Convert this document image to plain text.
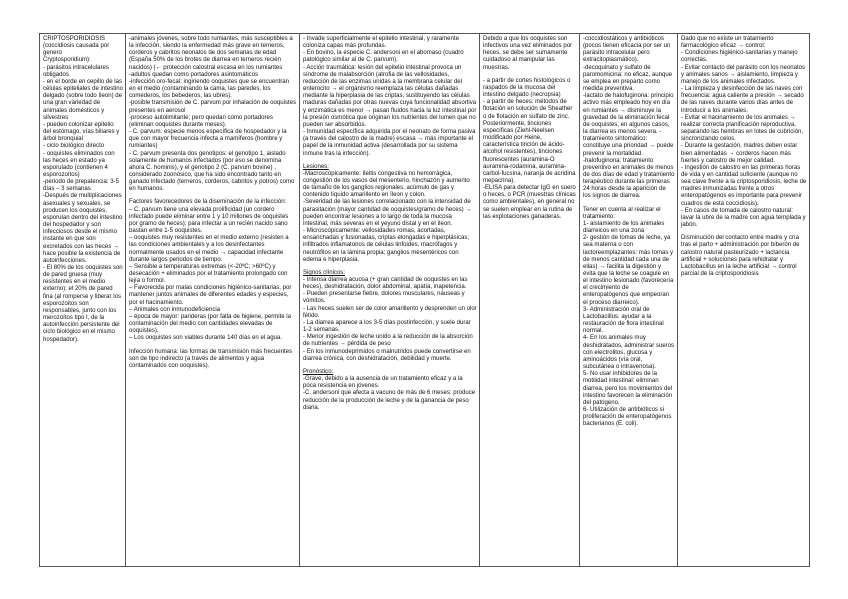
CRIPTOSPORIDIOSIS
(coccidiosis causada por genero
Cryptosporidium):
- parásitos intracelulares obligados
- en el borde en cepillo de las células epiteliales de intestino delgado (sobre todo íleon) de una gran variedad de animales domésticos y silvestres
- pueden colonizar epitelio del estómago, vías biliares y árbol bronquial
- ciclo biológico directo
- ooquistes eliminados con las heces en estado ya esporulado (contienen 4 esporozoítos)
-periodo de prepatencia: 3-5 días – 3 semanas
-Después de multiplicaciones asexuales y sexuales, se producen los ooquistes, esporulan dentro del intestino del hospedador y son infecciosos desde el mismo instante en que son excretados con las heces → hace posible la existencia de autoinfecciones.
- El 80% de los ooquistes son de pared gruesa (muy resistentes en el medio externo); el 20% de pared fina (al romperse y liberar los esporozoitos son responsables, junto con los merozoítos tipo I, de la autoinfección persistente del ciclo biológico en el mismo hospedador).

-animales jóvenes, sobre todo rumiantes, más susceptibles a la infección, siendo la enfermedad más grave en terneros, corderos y cabritos neonatos de dos semanas de edad (España 50% de los brotes de diarrea en terneros recién nacidos) (← protección calostral escasa en los rumiantes
-adultos quedan como portadores asintomáticos
-infección oro-fecal: ingiriendo ooquistes que se encuentran en el medio (contaminando la cama, las paredes, los comederos, los bebederos, las ubres).
-posible transmisión de C. parvum por inhalación de ooquistes presentes en aerosol
-proceso autolimitante; pero quedan como portadores (eliminan ooquistes durante meses).
- C. parvum: especie menos específica de hospedador y la que con mayor frecuencia infecta a mamíferos (hombre y rumiantes)
- C. parvum presenta dos genotipos: el genotipo 1, aislado solamente de humanos infectados (por eso se denomina ahora C. hominis), y el genotipo 2 (C. parvum bovine) , considerado zoonósico, que ha sido encontrado tanto en ganado infectado (terneros, corderos, cabritos y potros) como en humanos.
Factores favorecedores de la diseminación de la infección:
– C. parvum tiene una elevada prolificidad (un cordero infectado puede eliminar entre 1 y 10 millones de ooquistes por gramo de heces); para infectar a un recién nacido sano bastan entre 1-5 ooquistes.
– ooquistes muy resistentes en el medio externo (resisten a las condiciones ambientales y a los desinfectantes normalmente usados en el medio → capacidad infectante durante largos periodos de tiempo.
– Sensible a temperaturas extremas (<-20ºC; >60ºC) y desecación + eliminados por el tratamiento prolongado con lejía o formol.
– Favorecida por malas condiciones higiénico-sanitarias, por mantener juntos animales de diferentes edades y especies, por el hacinamiento.
– Animales con inmunodeficiencia
– época de mayor: parideras (por falta de higiene, permite la contaminación del medio con cantidades elevadas de ooquistes).
– Los ooquistes son viables durante 140 días en el agua.
Infección humana: las formas de transmisión más frecuentes son de tipo indirecto (a través de alimentos y agua contaminados con ooquistes).

- Invade superficialmente el epitelio intestinal, y raramente coloniza capas más profundas.
- En bovino, la especie C. andersoni en el abomaso (cuadro patológico similar al de C. parvum).
- Acción traumática: lesión del epitelio intestinal provoca un síndrome de malabsorción (atrofia de las vellosidades, reducción de las enzimas unidas a la membrana celular del enterocito → el organismo reemplaza las células dañadas mediante la hiperplasia de las criptas, sustituyendo las células maduras dañadas por otras nuevas cuya funcionalidad absortiva y enzimática es menor → pasan fluidos hacia la luz intestinal por la presión osmótica que originan los nutrientes del lumen que no pueden ser absorbidos.
- Inmunidad específica adquirida por el neonato de forma pasiva (a través del calostro de la madre) escasa → más importante el papel de la inmunidad activa (desarrollada por su sistema inmune tras la infección).
Lesiones:
-Macroscópicamente: íleitis congestiva no hemorrágica, congestión de los vasos del mesenterio, hinchazón y aumento de tamaño de los ganglios regionales, acúmulo de gas y contenido líquido amarillento en íleon y colon.
-Severidad de las lesiones correlacionado con la intensidad de parasitación (mayor cantidad de ooquistes/gramo de heces) → pueden encontrar lesiones a lo largo de toda la mucosa intestinal, más severas en el yeyuno distal y en el íleon.
- Microscópicamente: vellosidades romas, acortadas, ensanchadas y fusionadas, criptas elongadas e hiperplásicas; infiltrados inflamatorios de células linfoides, macrófagos y neutrófilos en la lámina propia; ganglios mesentéricos con edema e hiperplasia.
Signos clínicos:
- Intensa diarrea acuosa (+ gran cantidad de ooquistes en las heces), deshidratación, dolor abdominal, apatía, inapetencia.
- Pueden presentarse fiebre, dolores musculares, náuseas y vómitos.
- Las heces suelen ser de color amarillento y desprenden un olor fétido.
- La diarrea aparece a los 3-5 días postinfección, y suele durar 1-2 semanas.
- Menor ingestión de leche unido a la reducción de la absorción de nutrientes → pérdida de peso
- En los inmunodeprimidos o malnutridos puede convertirse en diarrea crónica, con deshidratación, debilidad y muerte.
Pronóstico:
-Grave, debido a la ausencia de un tratamiento eficaz y a la poca resistencia en jóvenes.
-C. andersoni que afecta a vacuno de más de 6 meses: produce reducción de la producción de leche y de la ganancia de peso diaria.

Debido a que los ooquistes son infectivos una vez eliminados por heces, se debe ser sumamente cuidadoso al manipular las muestras.
- a partir de cortes histológicos o raspados de la mucosa del intestino delgado (necropsia)
- a partir de heces: métodos de flotación en solución de Sheather o de flotación en sulfato de zinc. Posteriormente, tinciones específicas (Ziehl-Neelsen modificado por Heine, característica tinción de ácido-alcohol resistentes), tinciones fluorescentes (auramina-O auramina-rodamina, auramina-carbol-fucsina, naranja de acridina mepacrina).
-ELISA para detectar IgG en suero o heces, o PCR (muestras clínicas como ambientales), en general no se suelen emplear en la rutina de las explotaciones ganaderas.

-coccidiostáticos y antibióticos (pocos tienen eficacia por ser un parásito intracelular pero extracitoplasmático).
-decoquinato y sulfato de paromomicina: no eficaz, aunque se emplea en preparto como medida preventiva.
-lactato de halofuginona: principio activo más empleado hoy en día en rumiantes → disminuye la gravedad de la eliminación fecal de ooquistes, en algunos casos, la diarrea es menos severa. -tratamiento sintomático: constituye una prioridad → puede prevenir la mortalidad.
-halofuginona: tratamiento preventivo en animales de menos de dos días de edad y tratamiento terapéutico durante las primeras 24 horas desde la aparición de los signos de diarrea.
Tener en cuenta al realizar el tratamiento:
1- aislamiento de los animales diarreicos en una zona
2- gestión de tomas de leche, ya sea materna o con lactoreemplazantes: más tomas y de menos cantidad cada una de ellas) → facilita la digestión y evita que la leche se coagule en el intestino lesionado (favorecería el crecimiento de enteropatógenos que empeoran el proceso diarreico).
3- Administración oral de Lactobacillus: ayudar a la restauración de flora intestinal normal.
4- En los animales muy deshidratados, administrar sueros con electrolitos, glucosa y aminoácidos (vía oral, subcutánea o intravenosa).
5- No usar inhibidores de la motilidad intestinal: eliminan diarrea, pero los movimientos del intestino favorecen la eliminación del patógeno.
6- Utilización de antibióticos si proliferación de enteropatógenos bacterianos (E. coli).

Dado que no existe un tratamiento farmacológico eficaz → control:
- Condiciones higiénico-sanitarias y manejo correctas.
- Evitar contacto del parásito con los neonatos y animales sanos → aislamiento, limpieza y manejo de los animales infectados.
- La limpieza y desinfección de las naves con frecuencia: agua caliente a presión → secado de las naves durante varios días antes de introducir a los animales.
- Evitar el hacinamiento de los animales → realizar correcta planificación reproductiva, separando las hembras en lotes de cubrición, sincronizando celos.
- Durante la gestación, madres deben estar bien alimentadas → corderos nacen más fuertes y calostro de mejor calidad.
- Ingestión de calostro en las primeras horas de vida y en cantidad suficiente (aunque no sea clave frente a la criptosporidiosis, leche de madres inmunizadas frente a otros enteropatógenos es importante para prevenir cuadros de esta coccidiosis).
- En casos de tomada de calostro natural: lavar la ubre de la madre con agua templada y jabón.
Disminución del contacto entre madre y cría tras el parto + administración por biberón de calostro natural pasteurizado + lactancia artificial + soluciones para rehidratar y Lactobacillus en la leche artificial → control parcial de la criptosporidiosis
